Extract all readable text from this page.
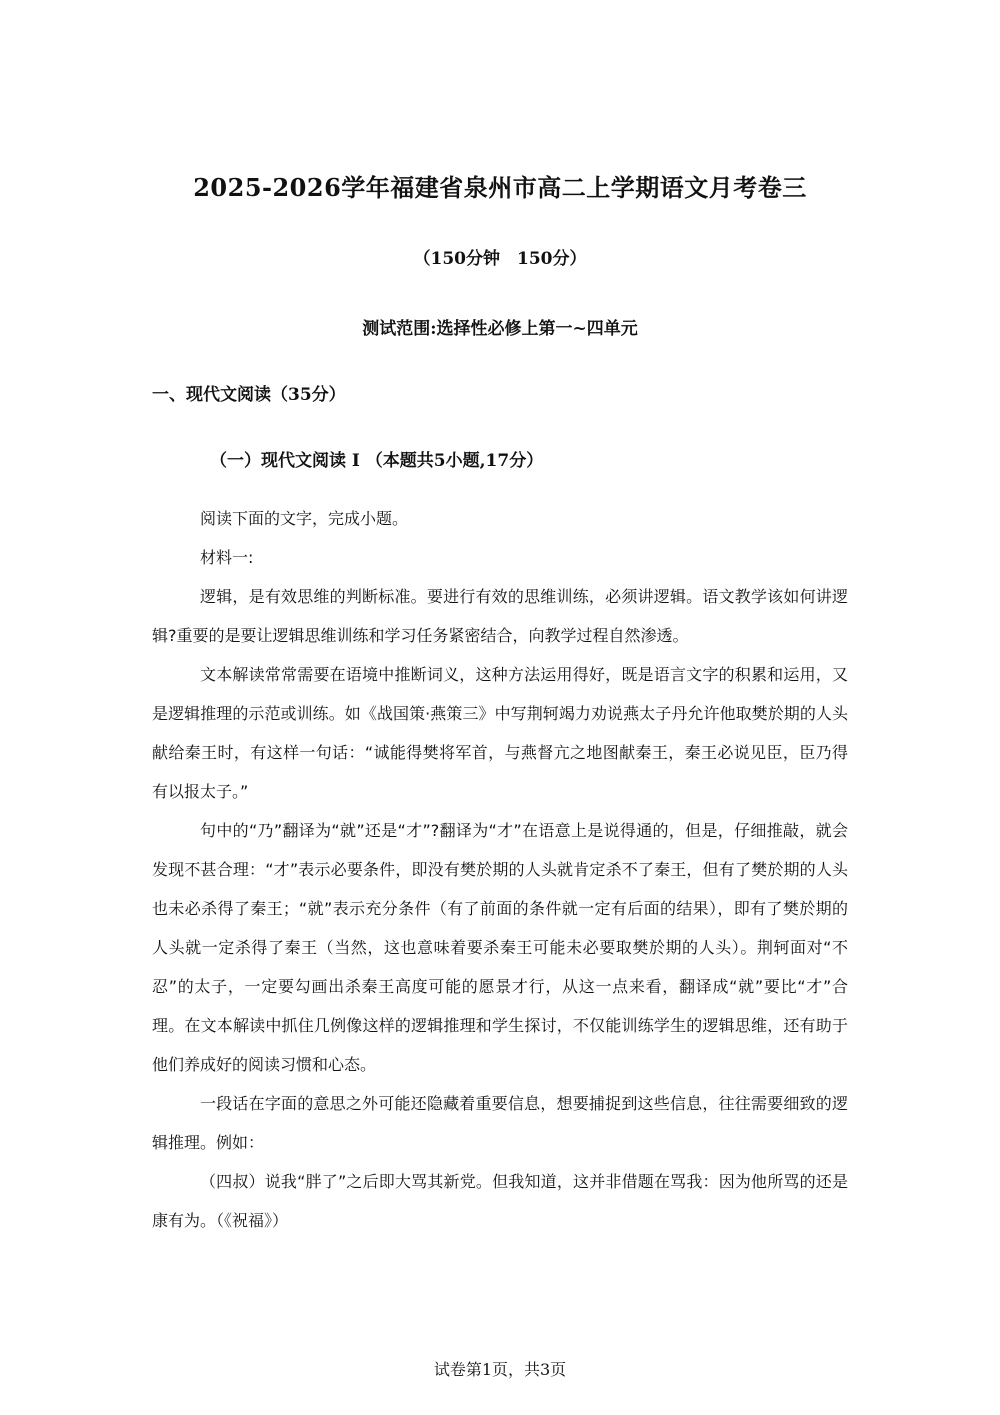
2025-2026学年福建省泉州市高二上学期语文月考卷三
（150分钟　150分）
测试范围:选择性必修上第一~四单元
一、现代文阅读（35分）
（一）现代文阅读 I （本题共5小题,17分）

阅读下面的文字，完成小题。

材料一:

逻辑，是有效思维的判断标准。要进行有效的思维训练，必须讲逻辑。语文教学该如何讲逻辑?重要的是要让逻辑思维训练和学习任务紧密结合，向教学过程自然渗透。

文本解读常常需要在语境中推断词义，这种方法运用得好，既是语言文字的积累和运用，又是逻辑推理的示范或训练。如《战国策·燕策三》中写荆轲竭力劝说燕太子丹允许他取樊於期的人头献给秦王时，有这样一句话：“诚能得樊将军首，与燕督亢之地图献秦王，秦王必说见臣，臣乃得有以报太子。”

句中的“乃”翻译为“就”还是“才”?翻译为“才”在语意上是说得通的，但是，仔细推敲，就会发现不甚合理：“才”表示必要条件，即没有樊於期的人头就肯定杀不了秦王，但有了樊於期的人头也未必杀得了秦王；“就”表示充分条件（有了前面的条件就一定有后面的结果），即有了樊於期的人头就一定杀得了秦王（当然，这也意味着要杀秦王可能未必要取樊於期的人头）。荆轲面对“不忍”的太子，一定要勾画出杀秦王高度可能的愿景才行，从这一点来看，翻译成“就”要比“才”合理。在文本解读中抓住几例像这样的逻辑推理和学生探讨，不仅能训练学生的逻辑思维，还有助于他们养成好的阅读习惯和心态。

一段话在字面的意思之外可能还隐藏着重要信息，想要捕捉到这些信息，往往需要细致的逻辑推理。例如：

（四叔）说我“胖了”之后即大骂其新党。但我知道，这并非借题在骂我：因为他所骂的还是康有为。（《祝福》）

试卷第1页，共3页
